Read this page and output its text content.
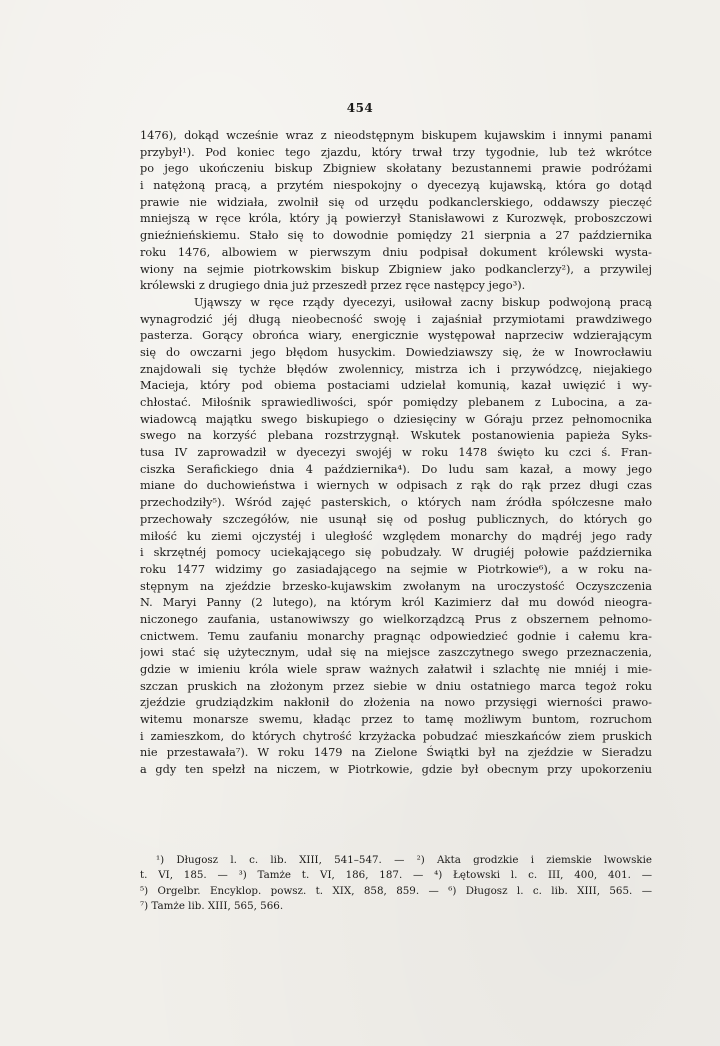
454
1476), dokąd wcześnie wraz z nieodstępnym biskupem kujawskim i innymi panami
przybył¹). Pod koniec tego zjazdu, który trwał trzy tygodnie, lub też wkrótce
po jego ukończeniu biskup Zbigniew skołatany bezustannemi prawie podróżami
i natężoną pracą, a przytém niespokojny o dyecezyą kujawską, która go dotąd
prawie nie widziała, zwolnił się od urzędu podkanclerskiego, oddawszy pieczęć
mniejszą w ręce króla, który ją powierzył Stanisławowi z Kurozwęk, proboszczowi
gnieźnieńskiemu. Stało się to dowodnie pomiędzy 21 sierpnia a 27 października
roku 1476, albowiem w pierwszym dniu podpisał dokument królewski wysta-
wiony na sejmie piotrkowskim biskup Zbigniew jako podkanclerzy²), a przywilej
królewski z drugiego dnia już przeszedł przez ręce następcy jego³).
Ująwszy w ręce rządy dyecezyi, usiłował zacny biskup podwojoną pracą
wynagrodzić jéj długą nieobecność swoję i zajaśniał przymiotami prawdziwego
pasterza. Gorący obrońca wiary, energicznie występował naprzeciw wdzierającym
się do owczarni jego błędom husyckim. Dowiedziawszy się, że w Inowrocławiu
znajdowali się tychże błędów zwolennicy, mistrza ich i przywódzcę, niejakiego
Macieja, który pod obiema postaciami udzielał komunią, kazał uwięzić i wy-
chłostać. Miłośnik sprawiedliwości, spór pomiędzy plebanem z Lubocina, a za-
wiadowcą majątku swego biskupiego o dziesięciny w Góraju przez pełnomocnika
swego na korzyść plebana rozstrzygnął. Wskutek postanowienia papieża Syks-
tusa IV zaprowadził w dyecezyi swojéj w roku 1478 święto ku czci ś. Fran-
ciszka Serafickiego dnia 4 października⁴). Do ludu sam kazał, a mowy jego
miane do duchowieństwa i wiernych w odpisach z rąk do rąk przez długi czas
przechodziły⁵). Wśród zajęć pasterskich, o których nam źródła spółczesne mało
przechowały szczegółów, nie usunął się od posług publicznych, do których go
miłość ku ziemi ojczystéj i uległość względem monarchy do mądréj jego rady
i skrzętnéj pomocy uciekającego się pobudzały. W drugiéj połowie października
roku 1477 widzimy go zasiadającego na sejmie w Piotrkowie⁶), a w roku na-
stępnym na zjeździe brzesko-kujawskim zwołanym na uroczystość Oczyszczenia
N. Maryi Panny (2 lutego), na którym król Kazimierz dał mu dowód nieogra-
niczonego zaufania, ustanowiwszy go wielkorządzcą Prus z obszernem pełnomo-
cnictwem. Temu zaufaniu monarchy pragnąc odpowiedzieć godnie i całemu kra-
jowi stać się użytecznym, udał się na miejsce zaszczytnego swego przeznaczenia,
gdzie w imieniu króla wiele spraw ważnych załatwił i szlachtę nie mniéj i mie-
szczan pruskich na złożonym przez siebie w dniu ostatniego marca tegoż roku
zjeździe grudziądzkim nakłonił do złożenia na nowo przysięgi wierności prawo-
witemu monarsze swemu, kładąc przez to tamę możliwym buntom, rozruchom
i zamieszkom, do których chytrość krzyżacka pobudzać mieszkańców ziem pruskich
nie przestawała⁷). W roku 1479 na Zielone Świątki był na zjeździe w Sieradzu
a gdy ten spełzł na niczem, w Piotrkowie, gdzie był obecnym przy upokorzeniu
¹) Długosz l. c. lib. XIII, 541–547. — ²) Akta grodzkie i ziemskie lwowskie
t. VI, 185. — ³) Tamże t. VI, 186, 187. — ⁴) Łętowski l. c. III, 400, 401. —
⁵) Orgelbr. Encyklop. powsz. t. XIX, 858, 859. — ⁶) Długosz l. c. lib. XIII, 565. —
⁷) Tamże lib. XIII, 565, 566.
